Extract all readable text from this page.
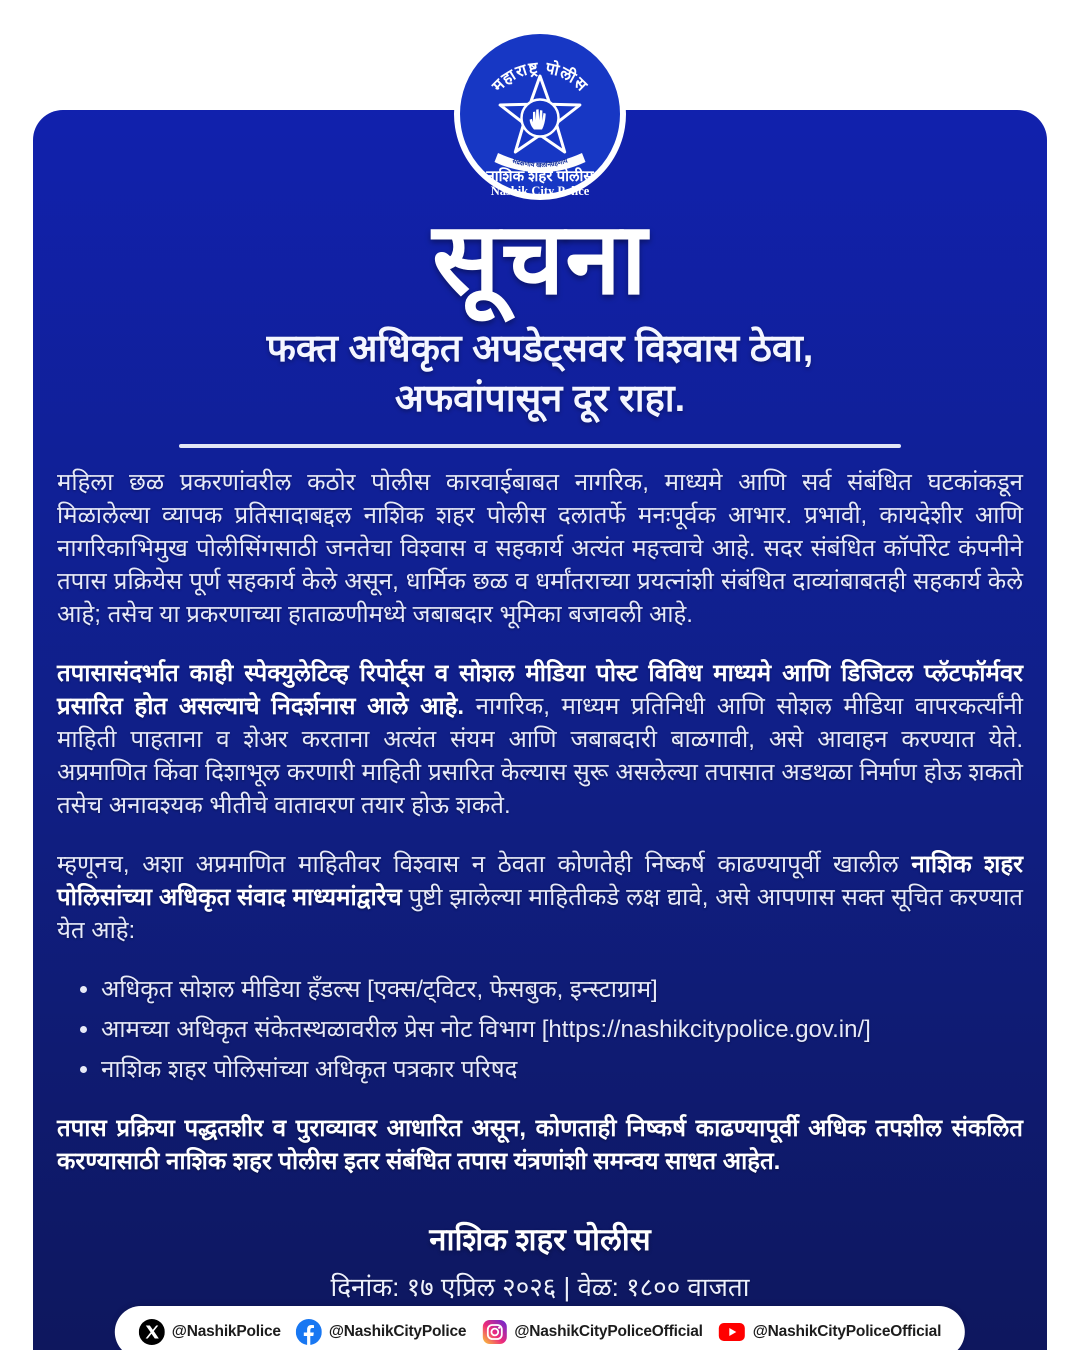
सूचना
फक्त अधिकृत अपडेट्सवर विश्वास ठेवा,
अफवांपासून दूर राहा.

महिला छळ प्रकरणांवरील कठोर पोलीस कारवाईबाबत नागरिक, माध्यमे आणि सर्व संबंधित घटकांकडून मिळालेल्या व्यापक प्रतिसादाबद्दल नाशिक शहर पोलीस दलातर्फे मनःपूर्वक आभार. प्रभावी, कायदेशीर आणि नागरिकाभिमुख पोलीसिंगसाठी जनतेचा विश्वास व सहकार्य अत्यंत महत्त्वाचे आहे. सदर संबंधित कॉर्पोरेट कंपनीने तपास प्रक्रियेस पूर्ण सहकार्य केले असून, धार्मिक छळ व धर्मांतराच्या प्रयत्नांशी संबंधित दाव्यांबाबतही सहकार्य केले आहे; तसेच या प्रकरणाच्या हाताळणीमध्ये जबाबदार भूमिका बजावली आहे.

तपासासंदर्भात काही स्पेक्युलेटिव्ह रिपोर्ट्स व सोशल मीडिया पोस्ट विविध माध्यमे आणि डिजिटल प्लॅटफॉर्मवर प्रसारित होत असल्याचे निदर्शनास आले आहे. नागरिक, माध्यम प्रतिनिधी आणि सोशल मीडिया वापरकर्त्यांनी माहिती पाहताना व शेअर करताना अत्यंत संयम आणि जबाबदारी बाळगावी, असे आवाहन करण्यात येते. अप्रमाणित किंवा दिशाभूल करणारी माहिती प्रसारित केल्यास सुरू असलेल्या तपासात अडथळा निर्माण होऊ शकतो तसेच अनावश्यक भीतीचे वातावरण तयार होऊ शकते.

म्हणूनच, अशा अप्रमाणित माहितीवर विश्वास न ठेवता कोणतेही निष्कर्ष काढण्यापूर्वी खालील नाशिक शहर पोलिसांच्या अधिकृत संवाद माध्यमांद्वारेच पुष्टी झालेल्या माहितीकडे लक्ष द्यावे, असे आपणास सक्त सूचित करण्यात येत आहे:

• अधिकृत सोशल मीडिया हँडल्स [एक्स/ट्विटर, फेसबुक, इन्स्टाग्राम]
• आमच्या अधिकृत संकेतस्थळावरील प्रेस नोट विभाग [https://nashikcitypolice.gov.in/]
• नाशिक शहर पोलिसांच्या अधिकृत पत्रकार परिषद

तपास प्रक्रिया पद्धतशीर व पुराव्यावर आधारित असून, कोणताही निष्कर्ष काढण्यापूर्वी अधिक तपशील संकलित करण्यासाठी नाशिक शहर पोलीस इतर संबंधित तपास यंत्रणांशी समन्वय साधत आहेत.

नाशिक शहर पोलीस
दिनांक: १७ एप्रिल २०२६ | वेळ: १८०० वाजता
महाराष्ट्र पोलीस
सद्रक्षणाय खलनिग्रहणाय
नाशिक शहर पोलीस
Nashik City Police
@NashikPolice	@NashikCityPolice	@NashikCityPoliceOfficial	@NashikCityPoliceOfficial
